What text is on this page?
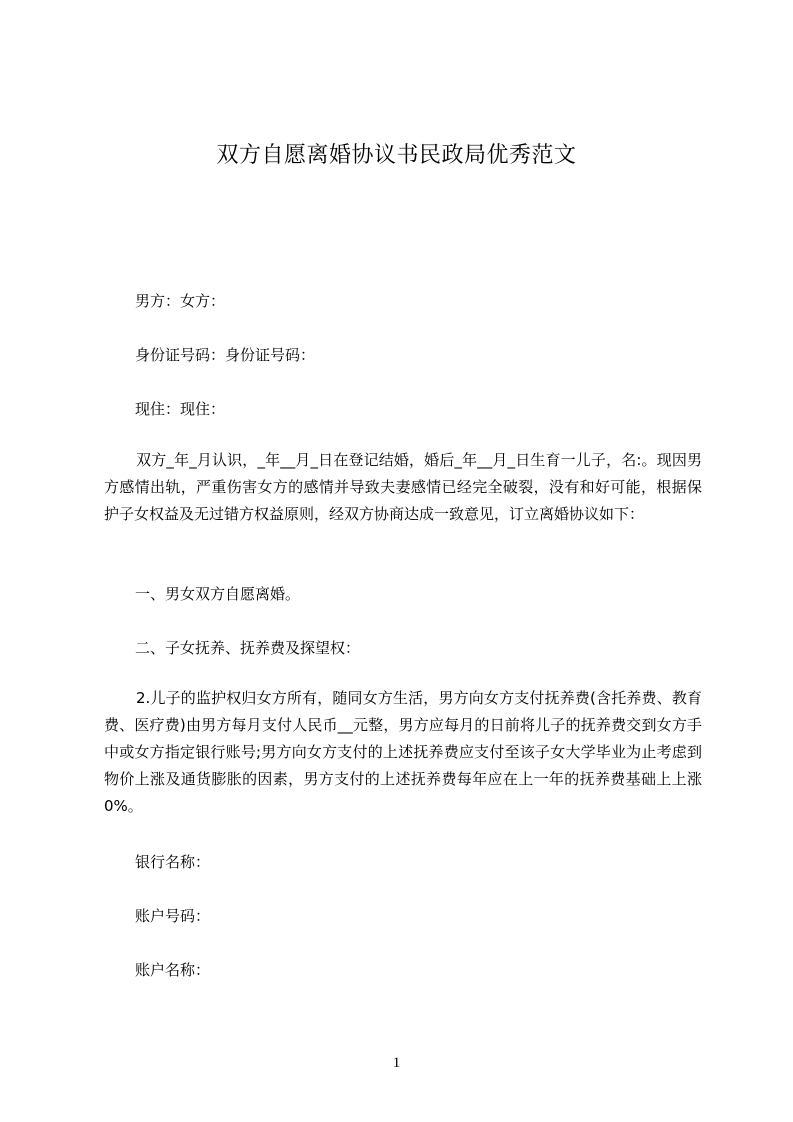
双方自愿离婚协议书民政局优秀范文
男方：女方：
身份证号码：身份证号码：
现住：现住：
双方_年_月认识，_年__月_日在登记结婚，婚后_年__月_日生育一儿子，名:。现因男方感情出轨，严重伤害女方的感情并导致夫妻感情已经完全破裂，没有和好可能，根据保护子女权益及无过错方权益原则，经双方协商达成一致意见，订立离婚协议如下：
一、男女双方自愿离婚。
二、子女抚养、抚养费及探望权：
2.儿子的监护权归女方所有，随同女方生活，男方向女方支付抚养费(含托养费、教育费、医疗费)由男方每月支付人民币__元整，男方应每月的日前将儿子的抚养费交到女方手中或女方指定银行账号;男方向女方支付的上述抚养费应支付至该子女大学毕业为止考虑到物价上涨及通货膨胀的因素，男方支付的上述抚养费每年应在上一年的抚养费基础上上涨0%。
银行名称：
账户号码：
账户名称：
1
